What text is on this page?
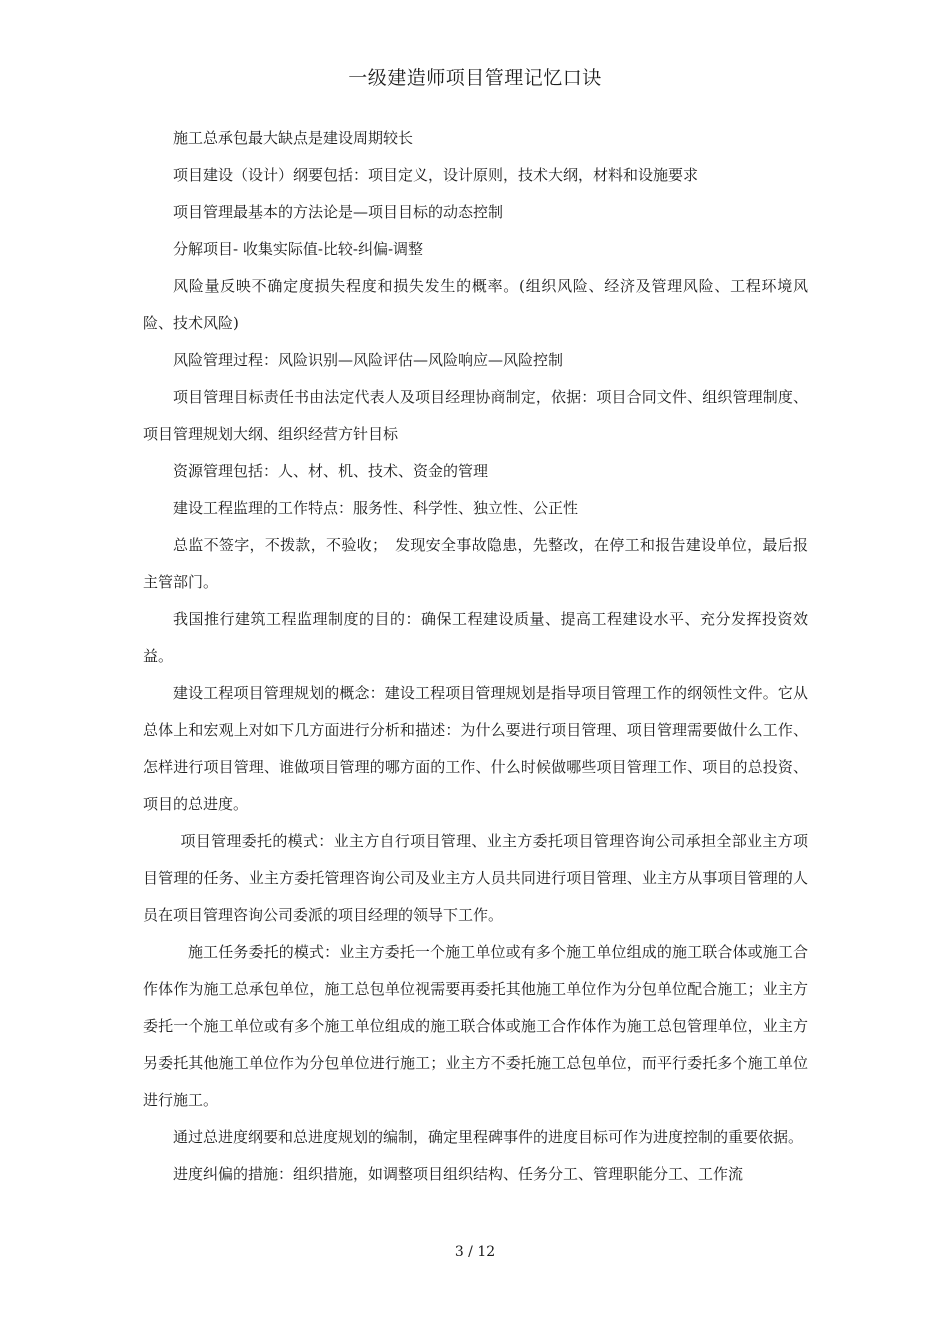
一级建造师项目管理记忆口诀

施工总承包最大缺点是建设周期较长

项目建设（设计）纲要包括：项目定义，设计原则，技术大纲，材料和设施要求

项目管理最基本的方法论是—项目目标的动态控制

分解项目- 收集实际值-比较-纠偏-调整

风险量反映不确定度损失程度和损失发生的概率。(组织风险、经济及管理风险、工程环境风险、技术风险)

风险管理过程：风险识别—风险评估—风险响应—风险控制

项目管理目标责任书由法定代表人及项目经理协商制定，依据：项目合同文件、组织管理制度、项目管理规划大纲、组织经营方针目标

资源管理包括：人、材、机、技术、资金的管理

建设工程监理的工作特点：服务性、科学性、独立性、公正性

总监不签字，不拨款，不验收；　发现安全事故隐患，先整改，在停工和报告建设单位，最后报主管部门。

我国推行建筑工程监理制度的目的：确保工程建设质量、提高工程建设水平、充分发挥投资效益。

建设工程项目管理规划的概念：建设工程项目管理规划是指导项目管理工作的纲领性文件。它从总体上和宏观上对如下几方面进行分析和描述：为什么要进行项目管理、项目管理需要做什么工作、怎样进行项目管理、谁做项目管理的哪方面的工作、什么时候做哪些项目管理工作、项目的总投资、项目的总进度。

项目管理委托的模式：业主方自行项目管理、业主方委托项目管理咨询公司承担全部业主方项目管理的任务、业主方委托管理咨询公司及业主方人员共同进行项目管理、业主方从事项目管理的人员在项目管理咨询公司委派的项目经理的领导下工作。

施工任务委托的模式：业主方委托一个施工单位或有多个施工单位组成的施工联合体或施工合作体作为施工总承包单位，施工总包单位视需要再委托其他施工单位作为分包单位配合施工；业主方委托一个施工单位或有多个施工单位组成的施工联合体或施工合作体作为施工总包管理单位，业主方另委托其他施工单位作为分包单位进行施工；业主方不委托施工总包单位，而平行委托多个施工单位进行施工。

通过总进度纲要和总进度规划的编制，确定里程碑事件的进度目标可作为进度控制的重要依据。

进度纠偏的措施：组织措施，如调整项目组织结构、任务分工、管理职能分工、工作流

3 / 12
